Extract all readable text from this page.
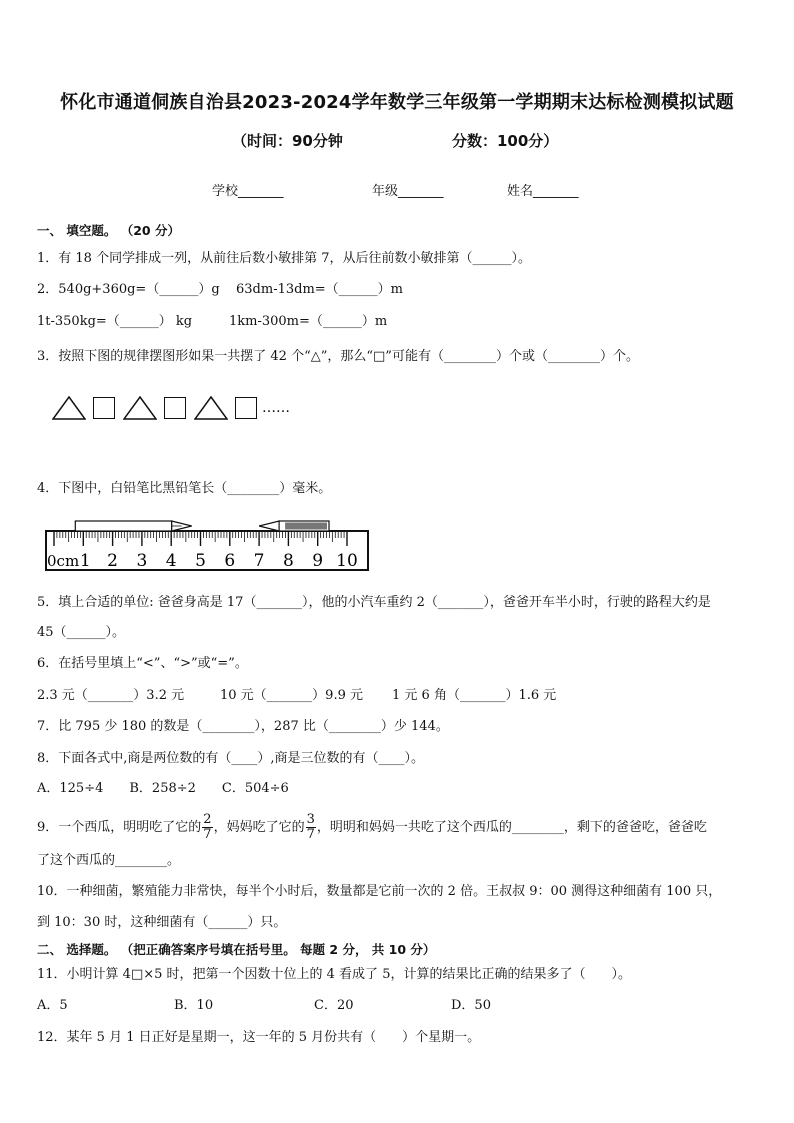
怀化市通道侗族自治县2023-2024学年数学三年级第一学期期末达标检测模拟试题
（时间：90分钟	分数：100分）
学校_______	年级_______	姓名_______
一、 填空题。 （20 分）
1．有 18 个同学排成一列，从前往后数小敏排第 7，从后往前数小敏排第（______）。
2．540g+360g=（______）g 63dm-13dm=（______）m
1t-350kg=（______） kg	1km-300m=（______）m
3．按照下图的规律摆图形如果一共摆了 42 个“△”，那么“□”可能有（________）个或（________）个。
……
4．下图中，白铅笔比黑铅笔长（________）毫米。
0cm 2 3 4 5 6 7 8 9 10
1
5．填上合适的单位: 爸爸身高是 17（_______），他的小汽车重约 2（_______），爸爸开车半小时，行驶的路程大约是
45（______）。
6．在括号里填上“<”、“>”或“=”。
2.3 元（_______）3.2 元	10 元（_______）9.9 元 1 元 6 角（_______）1.6 元
7．比 795 少 180 的数是（________），287 比（________）少 144。
8．下面各式中,商是两位数的有（____）,商是三位数的有（____）。
A．125÷4　　B．258÷2　　C．504÷6
9．一个西瓜，明明吃了它的 $\frac{2}{7}$ ，妈妈吃了它的 $\frac{3}{7}$ ，明明和妈妈一共吃了这个西瓜的________，剩下的爸爸吃，爸爸吃
了这个西瓜的________。
10．一种细菌，繁殖能力非常快，每半个小时后，数量都是它前一次的 2 倍。王叔叔 9：00 测得这种细菌有 100 只，
到 10：30 时，这种细菌有（______）只。
二、 选择题。 （把正确答案序号填在括号里。 每题 2 分， 共 10 分）
11．小明计算 4□×5 时，把第一个因数十位上的 4 看成了 5，计算的结果比正确的结果多了（　　）。
A．5	B．10	C．20	D．50
12．某年 5 月 1 日正好是星期一，这一年的 5 月份共有（　　）个星期一。
